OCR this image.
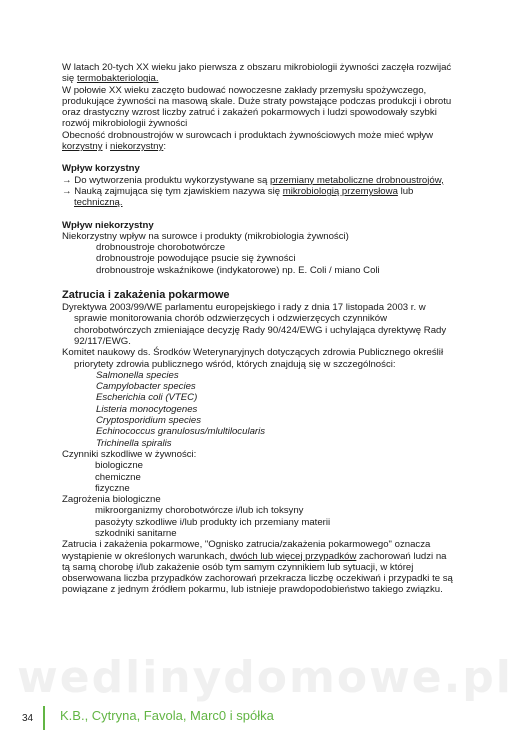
wedlinydomowe.pl

W latach 20-tych XX wieku jako pierwsza z obszaru mikrobiologii żywności zaczęła rozwijać

się termobakteriologia.

W połowie XX wieku zaczęto budować nowoczesne zakłady przemysłu spożywczego,

produkujące żywności na masową skale. Duże straty powstające podczas produkcji i obrotu

oraz drastyczny wzrost liczby zatruć i zakażeń pokarmowych i ludzi spowodowały szybki

rozwój mikrobiologii żywności

Obecność drobnoustrojów w surowcach i produktach żywnościowych może mieć wpływ

korzystny i niekorzystny:

Wpływ korzystny

→ Do wytworzenia produktu wykorzystywane są przemiany metaboliczne drobnoustrojów,

→ Nauką zajmująca się tym zjawiskiem nazywa się mikrobiologią przemysłowa lub

techniczną.

Wpływ niekorzystny

Niekorzystny wpływ na surowce i produkty (mikrobiologia żywności)

drobnoustroje chorobotwórcze

drobnoustroje powodujące psucie się żywności

drobnoustroje wskaźnikowe (indykatorowe) np. E. Coli / miano Coli

Zatrucia i zakażenia pokarmowe

Dyrektywa 2003/99/WE parlamentu europejskiego i rady z dnia 17 listopada 2003 r. w

sprawie monitorowania chorób odzwierzęcych i odzwierzęcych czynników

chorobotwórczych zmieniające decyzję Rady 90/424/EWG i uchylająca dyrektywę Rady

92/117/EWG.

Komitet naukowy ds. Środków Weterynaryjnych dotyczących zdrowia Publicznego określił

priorytety zdrowia publicznego wśród, których znajdują się w szczególności:

Salmonella species

Campylobacter species

Escherichia coli (VTEC)

Listeria monocytogenes

Cryptosporidium species

Echinococcus granulosus/mlultilocularis

Trichinella spiralis

Czynniki szkodliwe w żywności:

biologiczne

chemiczne

fizyczne

Zagrożenia biologiczne

mikroorganizmy chorobotwórcze i/lub ich toksyny

pasożyty szkodliwe i/lub produkty ich przemiany materii

szkodniki sanitarne

Zatrucia i zakażenia pokarmowe, "Ognisko zatrucia/zakażenia pokarmowego" oznacza

wystąpienie w określonych warunkach, dwóch lub więcej przypadków zachorowań ludzi na

tą samą chorobę i/lub zakażenie osób tym samym czynnikiem lub sytuacji, w której

obserwowana liczba przypadków zachorowań przekracza liczbę oczekiwań i przypadki te są

powiązane z jednym źródłem pokarmu, lub istnieje prawdopodobieństwo takiego związku.

34 K.B., Cytryna, Favola, Marc0 i spółka
